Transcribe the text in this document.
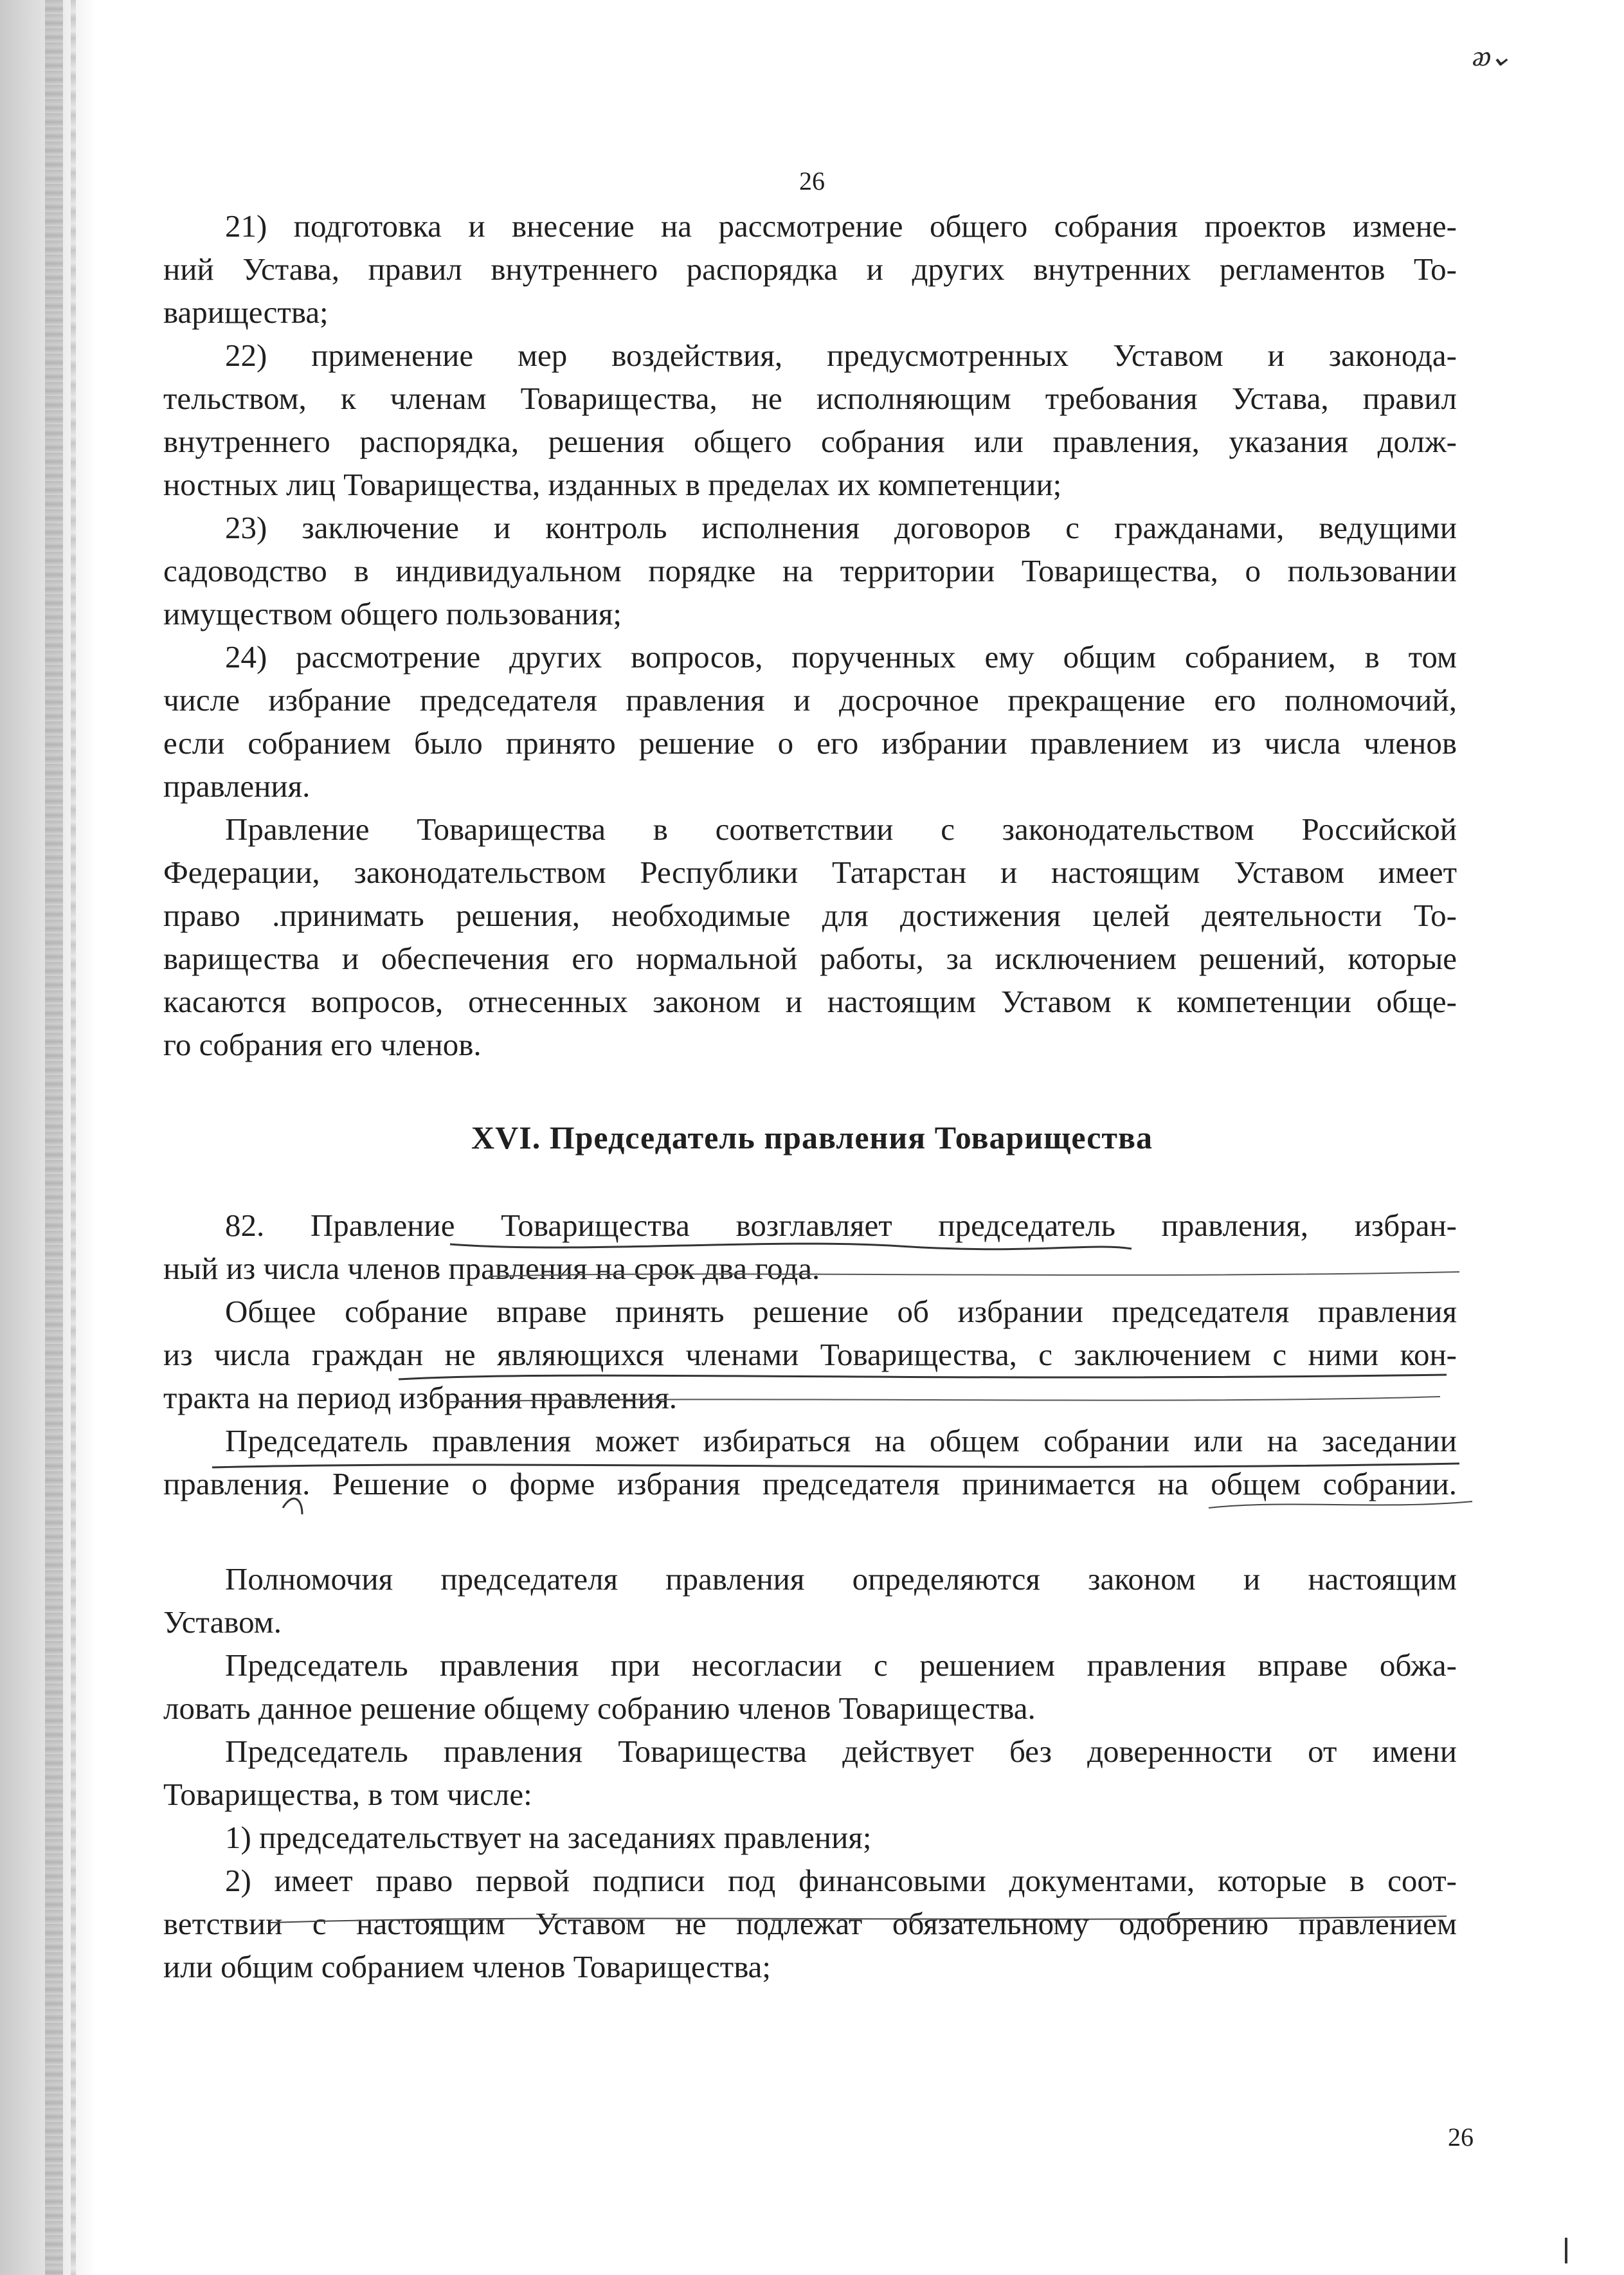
ᴂ⌄
26
21) подготовка и внесение на рассмотрение общего собрания проектов измене-
ний Устава, правил внутреннего распорядка и других внутренних регламентов То-
варищества;
22) применение мер воздействия, предусмотренных Уставом и законода-
тельством, к членам Товарищества, не исполняющим требования Устава, правил
внутреннего распорядка, решения общего собрания или правления, указания долж-
ностных лиц Товарищества, изданных в пределах их компетенции;
23) заключение и контроль исполнения договоров с гражданами, ведущими
садоводство в индивидуальном порядке на территории Товарищества, о пользовании
имуществом общего пользования;
24) рассмотрение других вопросов, порученных ему общим собранием, в том
числе избрание председателя правления и досрочное прекращение его полномочий,
если собранием было принято решение о его избрании правлением из числа членов
правления.
Правление Товарищества в соответствии с законодательством Российской
Федерации, законодательством Республики Татарстан и настоящим Уставом имеет
право .принимать решения, необходимые для достижения целей деятельности То-
варищества и обеспечения его нормальной работы, за исключением решений, которые
касаются вопросов, отнесенных законом и настоящим Уставом к компетенции обще-
го собрания его членов.
XVI. Председатель правления Товарищества
82. Правление Товарищества возглавляет председатель правления, избран-
ный из числа членов правления на срок два года.
Общее собрание вправе принять решение об избрании председателя правления
из числа граждан не являющихся членами Товарищества, с заключением с ними кон-
тракта на период избрания правления.
Председатель правления может избираться на общем собрании или на заседании
правления. Решение о форме избрания председателя принимается на общем собрании.
Полномочия председателя правления определяются законом и настоящим
Уставом.
Председатель правления при несогласии с решением правления вправе обжа-
ловать данное решение общему собранию членов Товарищества.
Председатель правления Товарищества действует без доверенности от имени
Товарищества, в том числе:
1) председательствует на заседаниях правления;
2) имеет право первой подписи под финансовыми документами, которые в соот-
ветствии с настоящим Уставом не подлежат обязательному одобрению правлением
или общим собранием членов Товарищества;
26
